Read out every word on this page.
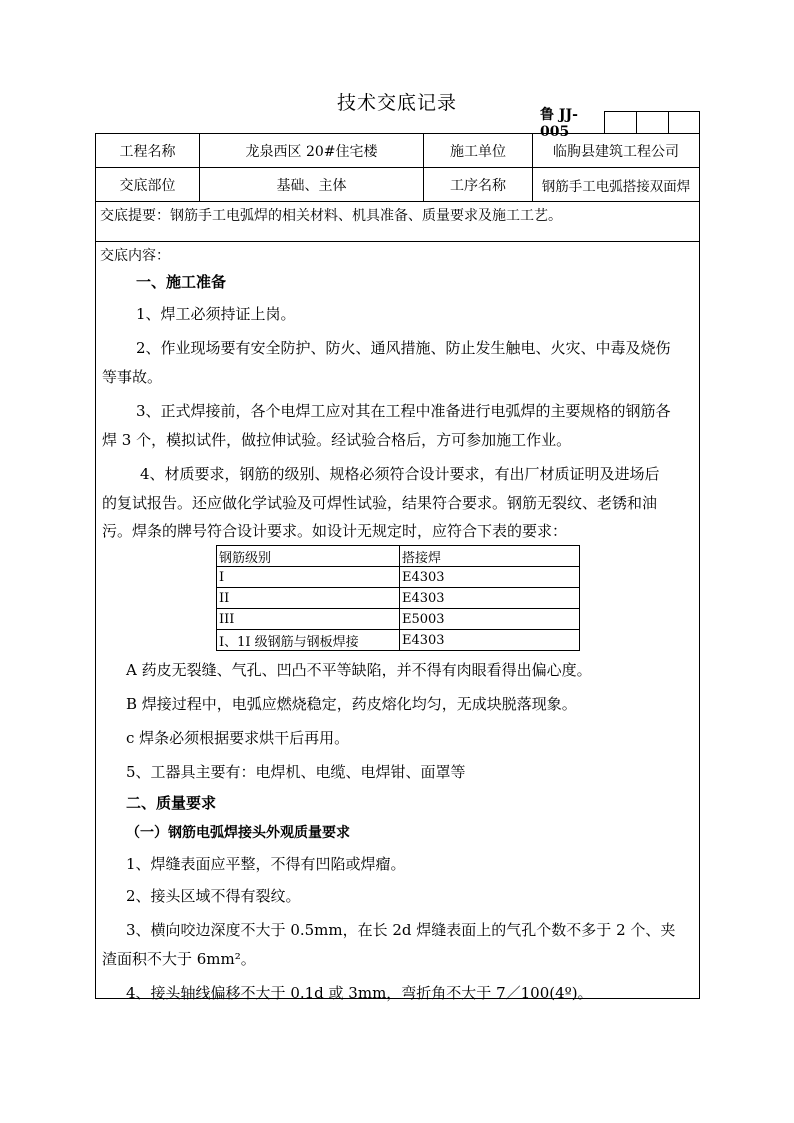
技术交底记录
鲁 JJ-005
工程名称	龙泉西区 20#住宅楼	施工单位	临朐县建筑工程公司
交底部位	基础、主体	工序名称	钢筋手工电弧搭接双面焊
交底提要：钢筋手工电弧焊的相关材料、机具准备、质量要求及施工工艺。
交底内容：
一、施工准备
1、焊工必须持证上岗。
2、作业现场要有安全防护、防火、通风措施、防止发生触电、火灾、中毒及烧伤
等事故。
3、正式焊接前，各个电焊工应对其在工程中准备进行电弧焊的主要规格的钢筋各
焊 3 个，模拟试件，做拉伸试验。经试验合格后，方可参加施工作业。
4、材质要求，钢筋的级别、规格必须符合设计要求，有出厂材质证明及进场后
的复试报告。还应做化学试验及可焊性试验，结果符合要求。钢筋无裂纹、老锈和油
污。焊条的牌号符合设计要求。如设计无规定时，应符合下表的要求：
钢筋级别	搭接焊
I	E4303
II	E4303
III	E5003
I、1I 级钢筋与钢板焊接	E4303
A 药皮无裂缝、气孔、凹凸不平等缺陷，并不得有肉眼看得出偏心度。
B 焊接过程中，电弧应燃烧稳定，药皮熔化均匀，无成块脱落现象。
c 焊条必须根据要求烘干后再用。
5、工器具主要有：电焊机、电缆、电焊钳、面罩等
二、质量要求
（一）钢筋电弧焊接头外观质量要求
1、焊缝表面应平整，不得有凹陷或焊瘤。
2、接头区域不得有裂纹。
3、横向咬边深度不大于 0.5mm，在长 2d 焊缝表面上的气孔个数不多于 2 个、夹
渣面积不大于 6mm²。
4、接头轴线偏移不大于 0.1d 或 3mm，弯折角不大于 7／100(4º)。
